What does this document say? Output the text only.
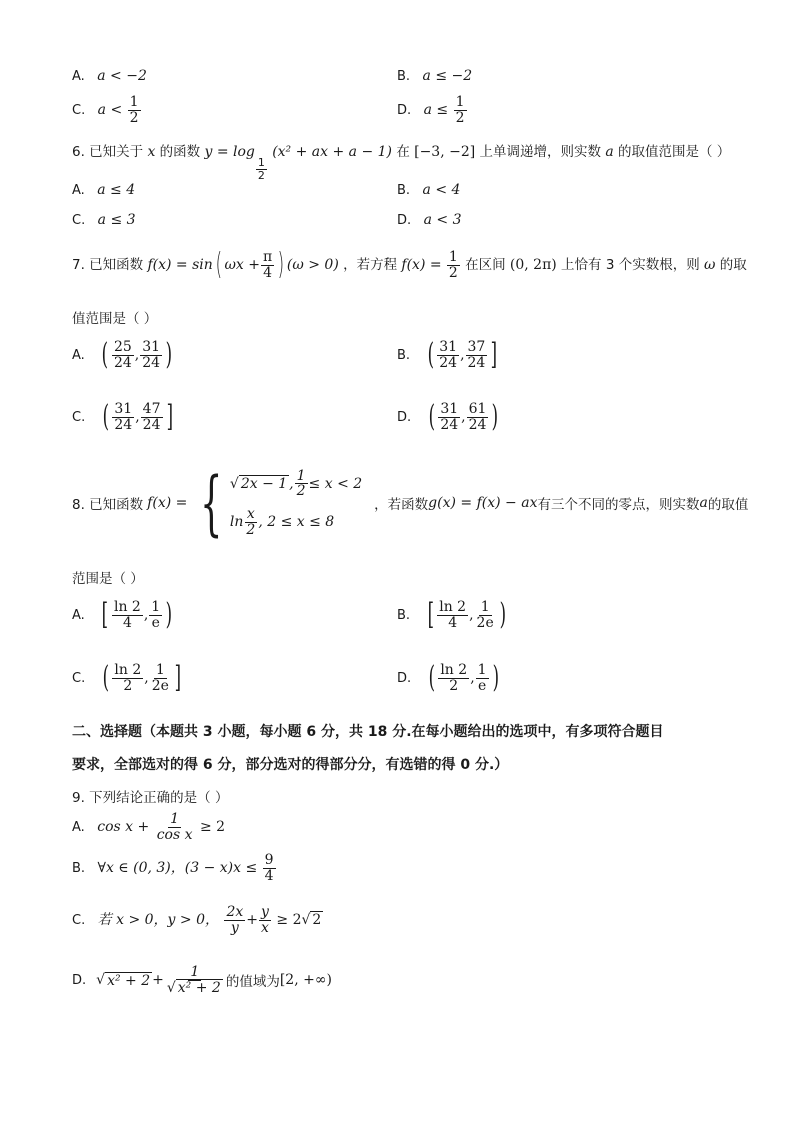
A. a < −2	B. a ≤ −2
C. $a < \frac{1}{2}$	D. $a \le \frac{1}{2}$
6. 已知关于 x 的函数 y = log
$\frac{1}{2}$
(x² + ax + a − 1) 在 [−3, −2] 上单调递增，则实数 a 的取值范围是（ ）
A. a ≤ 4	B. a < 4
C. a ≤ 3	D. a < 3
7. 已知函数 f(x) = sin( $\omega x + \frac{\pi}{4}$ ) (ω > 0) ，若方程 $f(x) = \frac{1}{2}$ 在区间 (0, 2π) 上恰有 3 个实数根，则 ω 的取
值范围是（ ）
A. ( $\frac{25}{24}$ , $\frac{31}{24}$ )	B. ( $\frac{31}{24}$ , $\frac{37}{24}$ ]
C. ( $\frac{31}{24}$ , $\frac{47}{24}$ ]	D. ( $\frac{31}{24}$ , $\frac{61}{24}$ )
8. 已知函数 f(x) = { √ 2x − 1 , $\frac{1}{2} \le x < 2$
$\ln \frac{x}{2}$ , 2 ≤ x ≤ 8
，若函数 g(x) = f(x) − ax 有三个不同的零点，则实数 a 的取值
范围是（ ）
A. [ $\frac{\ln 2}{4}$ , $\frac{1}{e}$ )	B. [ $\frac{\ln 2}{4}$ , $\frac{1}{2e}$ )
C. ( $\frac{\ln 2}{2}$ , $\frac{1}{2e}$ ]	D. ( $\frac{\ln 2}{2}$ , $\frac{1}{e}$ )
二、选择题（本题共 3 小题，每小题 6 分，共 18 分.在每小题给出的选项中，有多项符合题目
要求，全部选对的得 6 分，部分选对的得部分分，有选错的得 0 分.）
9. 下列结论正确的是（ ）
A. $\cos x + \frac{1}{\text{cos x}} \ge 2$
B. ∀x ∈ (0, 3)，$(3 - x)x \le \frac{9}{4}$
C. 若 x > 0，y > 0， $\frac{2x}{y} + \frac{y}{x} \ge 2√$ 2
D. √ $x^2 + 2 + \frac{1}{\text{√ x² + 2}}$ 的值域为 [2, +∞)
